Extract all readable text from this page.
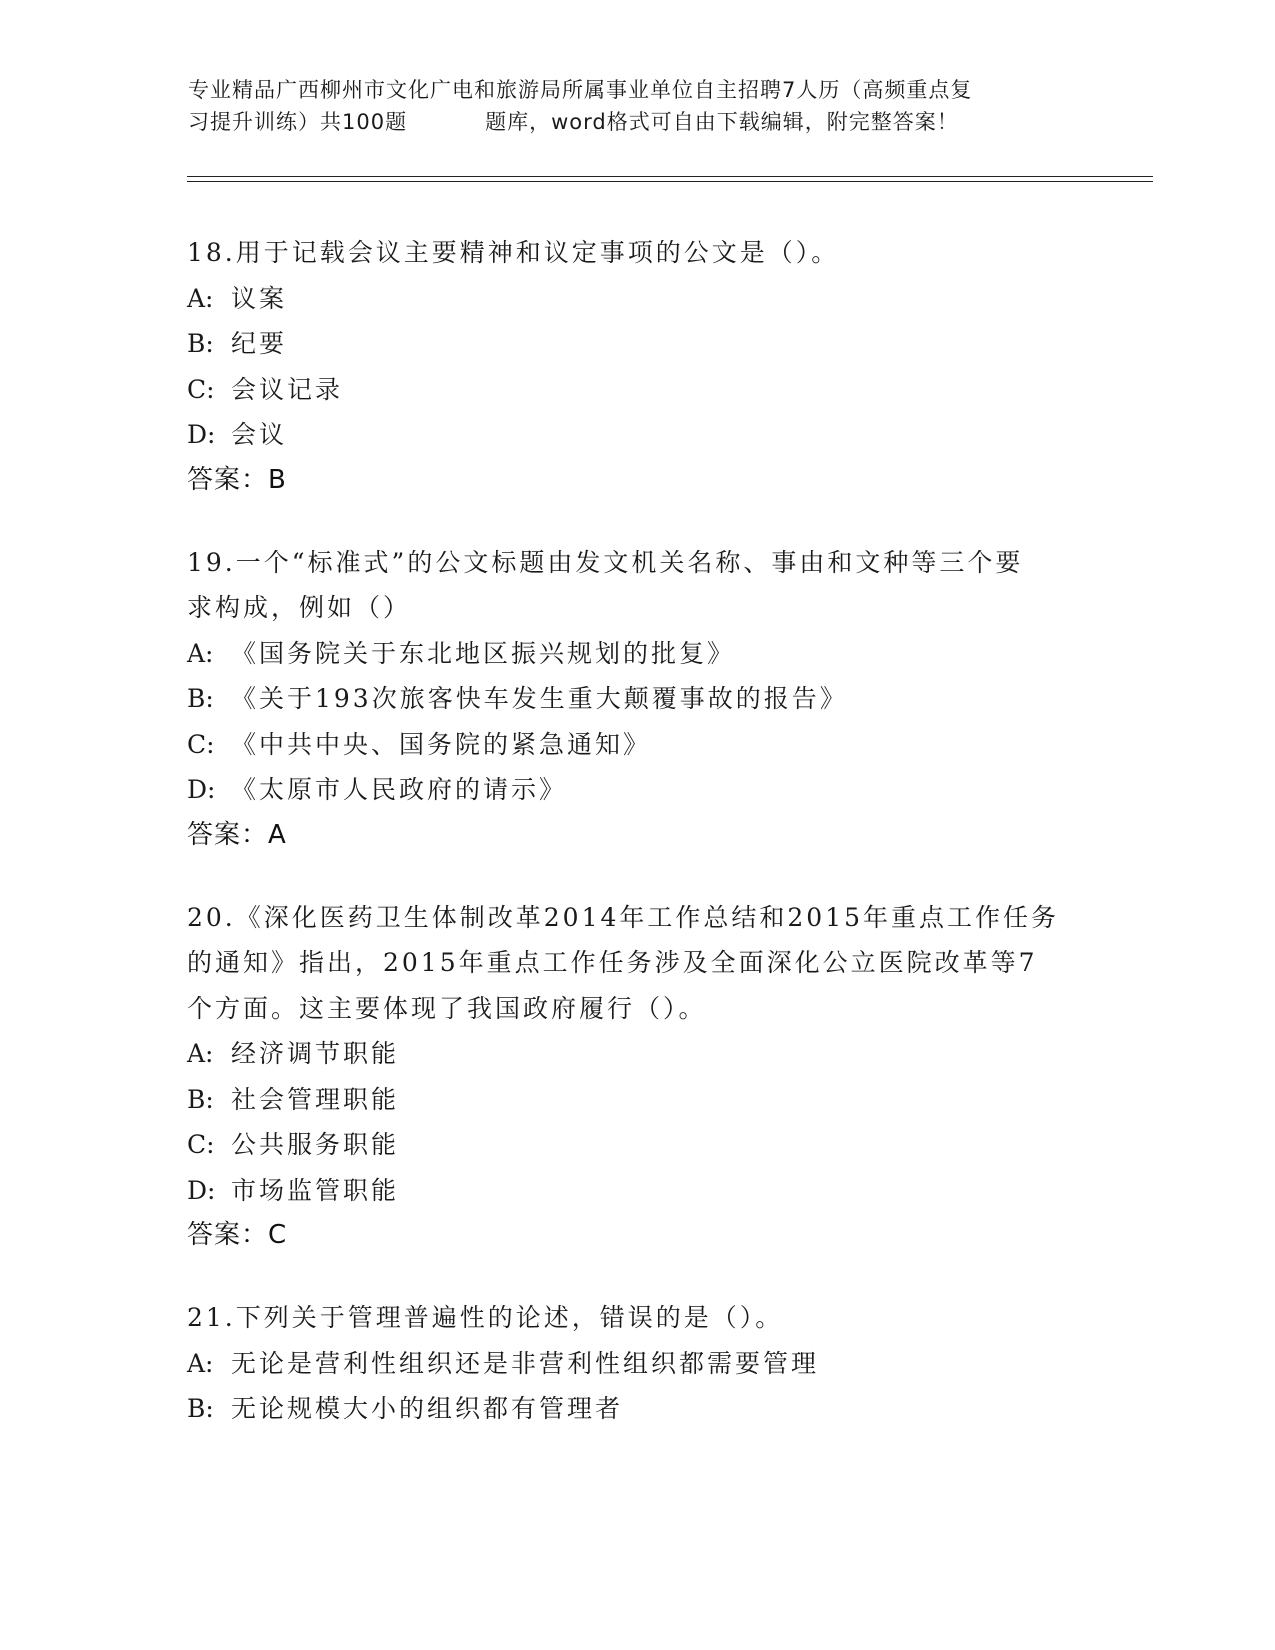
专业精品广西柳州市文化广电和旅游局所属事业单位自主招聘7人历（高频重点复
习提升训练）共100题	题库，word格式可自由下载编辑，附完整答案！
18.用于记载会议主要精神和议定事项的公文是（）。
A: 议案
B: 纪要
C: 会议记录
D: 会议
答案：B
19.一个“标准式”的公文标题由发文机关名称、事由和文种等三个要
求构成，例如（）
A: 《国务院关于东北地区振兴规划的批复》
B: 《关于193次旅客快车发生重大颠覆事故的报告》
C: 《中共中央、国务院的紧急通知》
D: 《太原市人民政府的请示》
答案：A
20.《深化医药卫生体制改革2014年工作总结和2015年重点工作任务
的通知》指出，2015年重点工作任务涉及全面深化公立医院改革等7
个方面。这主要体现了我国政府履行（）。
A: 经济调节职能
B: 社会管理职能
C: 公共服务职能
D: 市场监管职能
答案：C
21.下列关于管理普遍性的论述，错误的是（）。
A: 无论是营利性组织还是非营利性组织都需要管理
B: 无论规模大小的组织都有管理者
